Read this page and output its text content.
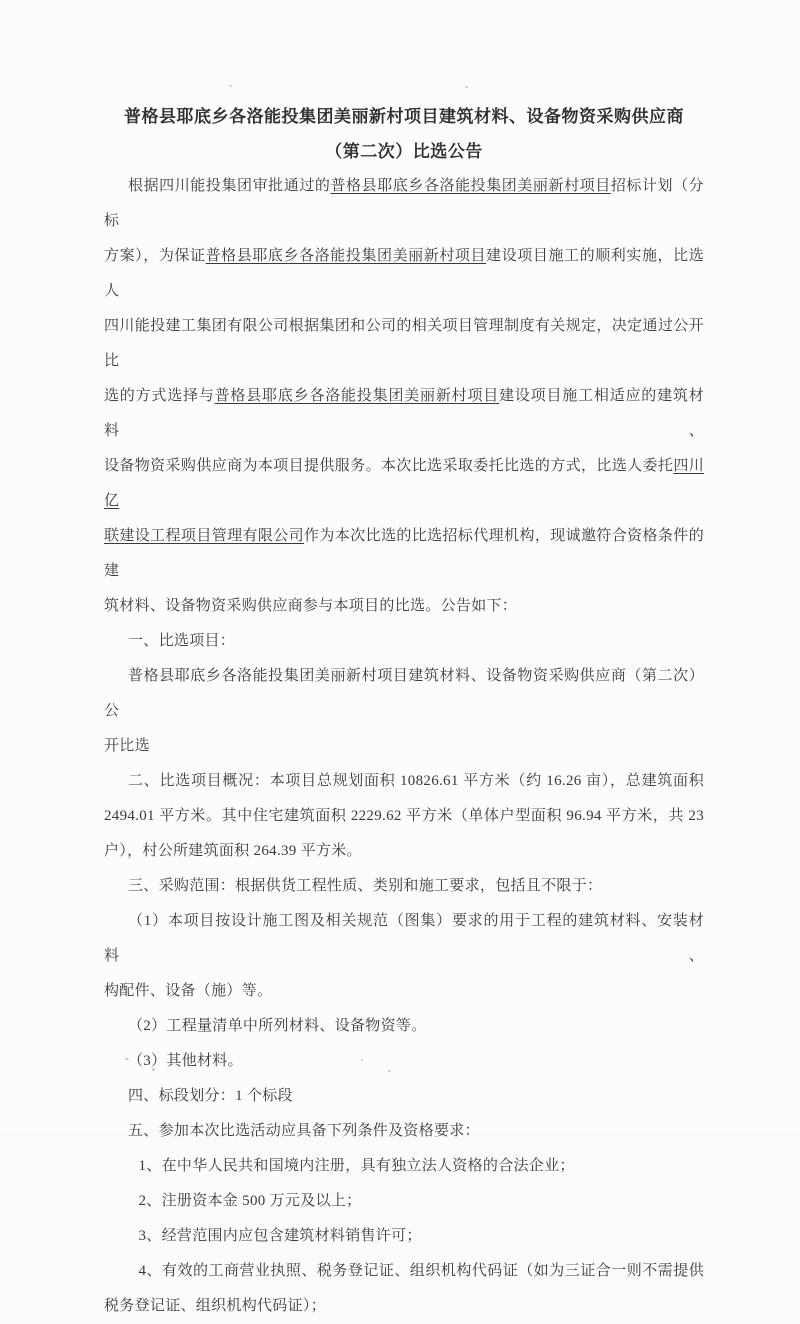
普格县耶底乡各洛能投集团美丽新村项目建筑材料、设备物资采购供应商
（第二次）比选公告
根据四川能投集团审批通过的普格县耶底乡各洛能投集团美丽新村项目招标计划（分标
方案），为保证普格县耶底乡各洛能投集团美丽新村项目建设项目施工的顺利实施，比选人
四川能投建工集团有限公司根据集团和公司的相关项目管理制度有关规定，决定通过公开比
选的方式选择与普格县耶底乡各洛能投集团美丽新村项目建设项目施工相适应的建筑材料、
设备物资采购供应商为本项目提供服务。本次比选采取委托比选的方式，比选人委托四川亿
联建设工程项目管理有限公司作为本次比选的比选招标代理机构，现诚邀符合资格条件的建
筑材料、设备物资采购供应商参与本项目的比选。公告如下：
一、比选项目：
普格县耶底乡各洛能投集团美丽新村项目建筑材料、设备物资采购供应商（第二次）公
开比选
二、比选项目概况：本项目总规划面积 10826.61 平方米（约 16.26 亩），总建筑面积
2494.01 平方米。其中住宅建筑面积 2229.62 平方米（单体户型面积 96.94 平方米，共 23
户），村公所建筑面积 264.39 平方米。
三、采购范围：根据供货工程性质、类别和施工要求，包括且不限于：
（1）本项目按设计施工图及相关规范（图集）要求的用于工程的建筑材料、安装材料、
构配件、设备（施）等。
（2）工程量清单中所列材料、设备物资等。
（3）其他材料。
四、标段划分：1 个标段
五、参加本次比选活动应具备下列条件及资格要求：
1、在中华人民共和国境内注册，具有独立法人资格的合法企业；
2、注册资本金 500 万元及以上；
3、经营范围内应包含建筑材料销售许可；
4、有效的工商营业执照、税务登记证、组织机构代码证（如为三证合一则不需提供
税务登记证、组织机构代码证）；
